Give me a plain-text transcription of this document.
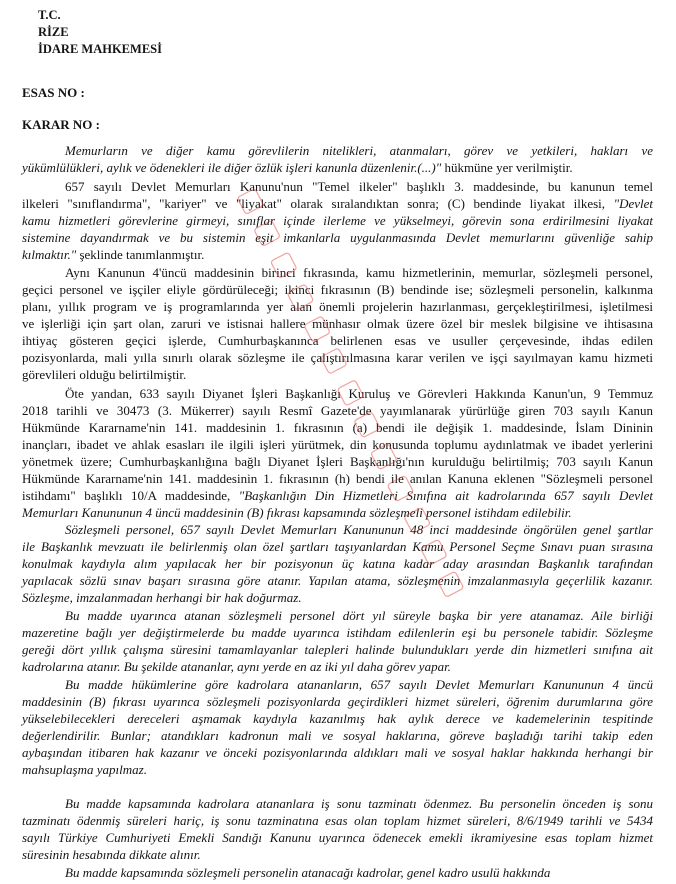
T.C.
RİZE
İDARE MAHKEMESİ
ESAS NO :
KARAR NO :
Memurların ve diğer kamu görevlilerin nitelikleri, atanmaları, görev ve yetkileri, hakları ve
yükümlülükleri, aylık ve ödenekleri ile diğer özlük işleri kanunla düzenlenir.(...)" hükmüne yer verilmiştir.
657 sayılı Devlet Memurları Kanunu'nun "Temel ilkeler" başlıklı 3. maddesinde, bu kanunun temel
ilkeleri "sınıflandırma", "kariyer" ve "liyakat" olarak sıralandıktan sonra; (C) bendinde liyakat ilkesi, "Devlet
kamu hizmetleri görevlerine girmeyi, sınıflar içinde ilerleme ve yükselmeyi, görevin sona erdirilmesini liyakat
sistemine dayandırmak ve bu sistemin eşit imkanlarla uygulanmasında Devlet memurlarını güvenliğe sahip
kılmaktır." şeklinde tanımlanmıştır.
Aynı Kanunun 4'üncü maddesinin birinci fıkrasında, kamu hizmetlerinin, memurlar, sözleşmeli personel,
geçici personel ve işçiler eliyle gördürüleceği; ikinci fıkrasının (B) bendinde ise; sözleşmeli personelin, kalkınma
planı, yıllık program ve iş programlarında yer alan önemli projelerin hazırlanması, gerçekleştirilmesi, işletilmesi
ve işlerliği için şart olan, zaruri ve istisnai hallere münhasır olmak üzere özel bir meslek bilgisine ve ihtisasına
ihtiyaç gösteren geçici işlerde, Cumhurbaşkanınca belirlenen esas ve usuller çerçevesinde, ihdas edilen
pozisyonlarda, mali yılla sınırlı olarak sözleşme ile çalıştırılmasına karar verilen ve işçi sayılmayan kamu hizmeti
görevlileri olduğu belirtilmiştir.
Öte yandan, 633 sayılı Diyanet İşleri Başkanlığı Kuruluş ve Görevleri Hakkında Kanun'un, 9 Temmuz
2018 tarihli ve 30473 (3. Mükerrer) sayılı Resmî Gazete'de yayımlanarak yürürlüğe giren 703 sayılı Kanun
Hükmünde Kararname'nin 141. maddesinin 1. fıkrasının (a) bendi ile değişik 1. maddesinde, İslam Dininin
inançları, ibadet ve ahlak esasları ile ilgili işleri yürütmek, din konusunda toplumu aydınlatmak ve ibadet yerlerini
yönetmek üzere; Cumhurbaşkanlığına bağlı Diyanet İşleri Başkanlığı'nın kurulduğu belirtilmiş; 703 sayılı Kanun
Hükmünde Kararname'nin 141. maddesinin 1. fıkrasının (h) bendi ile anılan Kanuna eklenen "Sözleşmeli personel
istihdamı" başlıklı 10/A maddesinde, "Başkanlığın Din Hizmetleri Sınıfına ait kadrolarında 657 sayılı Devlet
Memurları Kanununun 4 üncü maddesinin (B) fıkrası kapsamında sözleşmeli personel istihdam edilebilir.
Sözleşmeli personel, 657 sayılı Devlet Memurları Kanununun 48 inci maddesinde öngörülen genel şartlar
ile Başkanlık mevzuatı ile belirlenmiş olan özel şartları taşıyanlardan Kamu Personel Seçme Sınavı puan sırasına
konulmak kaydıyla alım yapılacak her bir pozisyonun üç katına kadar aday arasından Başkanlık tarafından
yapılacak sözlü sınav başarı sırasına göre atanır. Yapılan atama, sözleşmenin imzalanmasıyla geçerlilik kazanır.
Sözleşme, imzalanmadan herhangi bir hak doğurmaz.
Bu madde uyarınca atanan sözleşmeli personel dört yıl süreyle başka bir yere atanamaz. Aile birliği
mazeretine bağlı yer değiştirmelerde bu madde uyarınca istihdam edilenlerin eşi bu personele tabidir. Sözleşme
gereği dört yıllık çalışma süresini tamamlayanlar talepleri halinde bulundukları yerde din hizmetleri sınıfına ait
kadrolarına atanır. Bu şekilde atananlar, aynı yerde en az iki yıl daha görev yapar.
Bu madde hükümlerine göre kadrolara atananların, 657 sayılı Devlet Memurları Kanununun 4 üncü
maddesinin (B) fıkrası uyarınca sözleşmeli pozisyonlarda geçirdikleri hizmet süreleri, öğrenim durumlarına göre
yükselebilecekleri dereceleri aşmamak kaydıyla kazanılmış hak aylık derece ve kademelerinin tespitinde
değerlendirilir. Bunlar; atandıkları kadronun mali ve sosyal haklarına, göreve başladığı tarihi takip eden
aybaşından itibaren hak kazanır ve önceki pozisyonlarında aldıkları mali ve sosyal haklar hakkında herhangi bir
mahsuplaşma yapılmaz.
Bu madde kapsamında kadrolara atananlara iş sonu tazminatı ödenmez. Bu personelin önceden iş sonu
tazminatı ödenmiş süreleri hariç, iş sonu tazminatına esas olan toplam hizmet süreleri, 8/6/1949 tarihli ve 5434
sayılı Türkiye Cumhuriyeti Emekli Sandığı Kanunu uyarınca ödenecek emekli ikramiyesine esas toplam hizmet
süresinin hesabında dikkate alınır.
Bu madde kapsamında sözleşmeli personelin atanacağı kadrolar, genel kadro usulü hakkında
